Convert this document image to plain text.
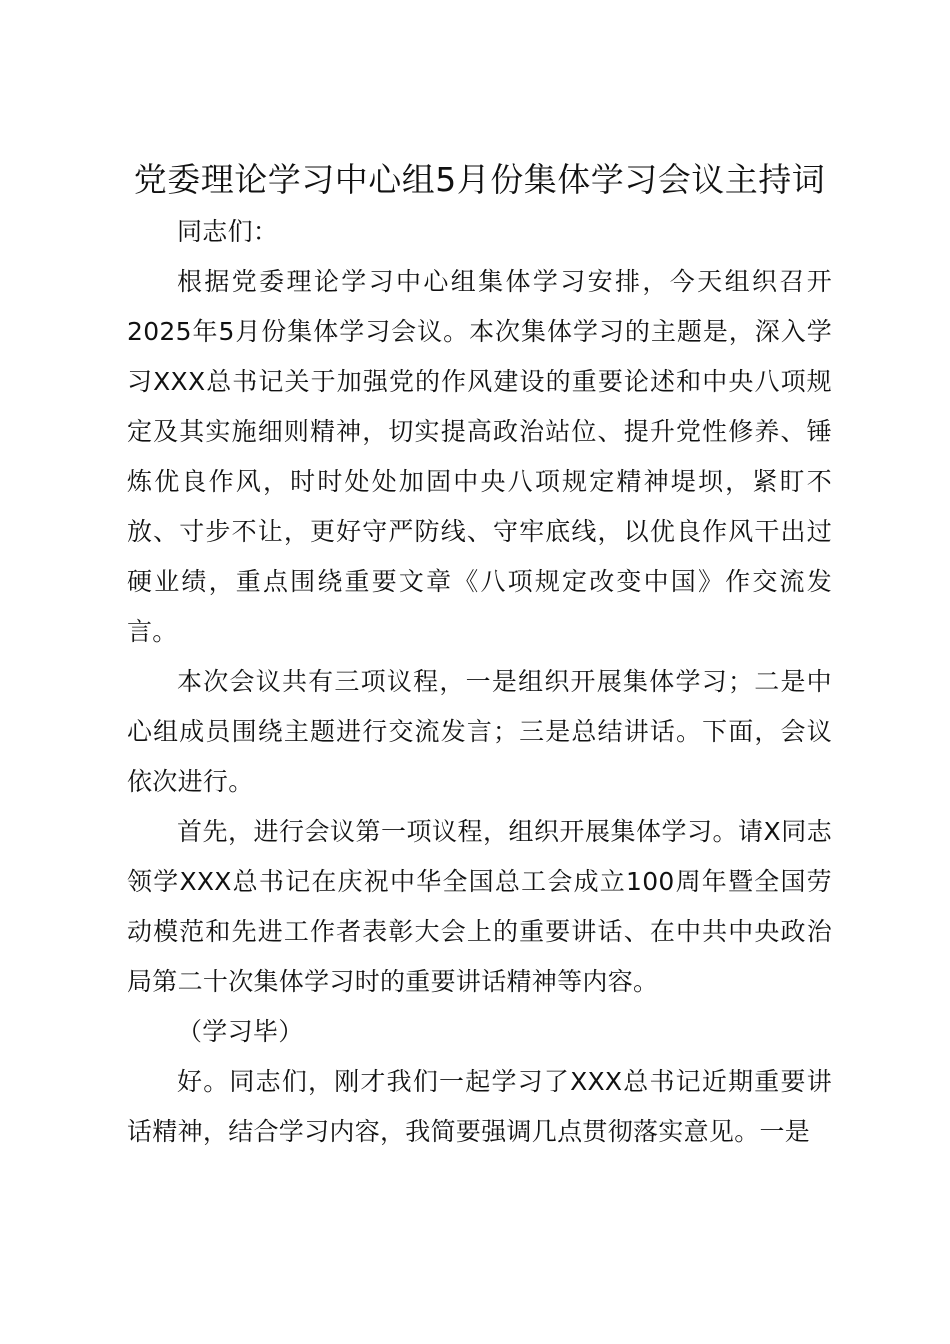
党委理论学习中心组5月份集体学习会议主持词

同志们：

根据党委理论学习中心组集体学习安排，今天组织召开2025年5月份集体学习会议。本次集体学习的主题是，深入学习XXX总书记关于加强党的作风建设的重要论述和中央八项规定及其实施细则精神，切实提高政治站位、提升党性修养、锤炼优良作风，时时处处加固中央八项规定精神堤坝，紧盯不放、寸步不让，更好守严防线、守牢底线，以优良作风干出过硬业绩，重点围绕重要文章《八项规定改变中国》作交流发言。

本次会议共有三项议程，一是组织开展集体学习；二是中心组成员围绕主题进行交流发言；三是总结讲话。下面，会议依次进行。

首先，进行会议第一项议程，组织开展集体学习。请X同志领学XXX总书记在庆祝中华全国总工会成立100周年暨全国劳动模范和先进工作者表彰大会上的重要讲话、在中共中央政治局第二十次集体学习时的重要讲话精神等内容。

（学习毕）

好。同志们，刚才我们一起学习了XXX总书记近期重要讲话精神，结合学习内容，我简要强调几点贯彻落实意见。一是
